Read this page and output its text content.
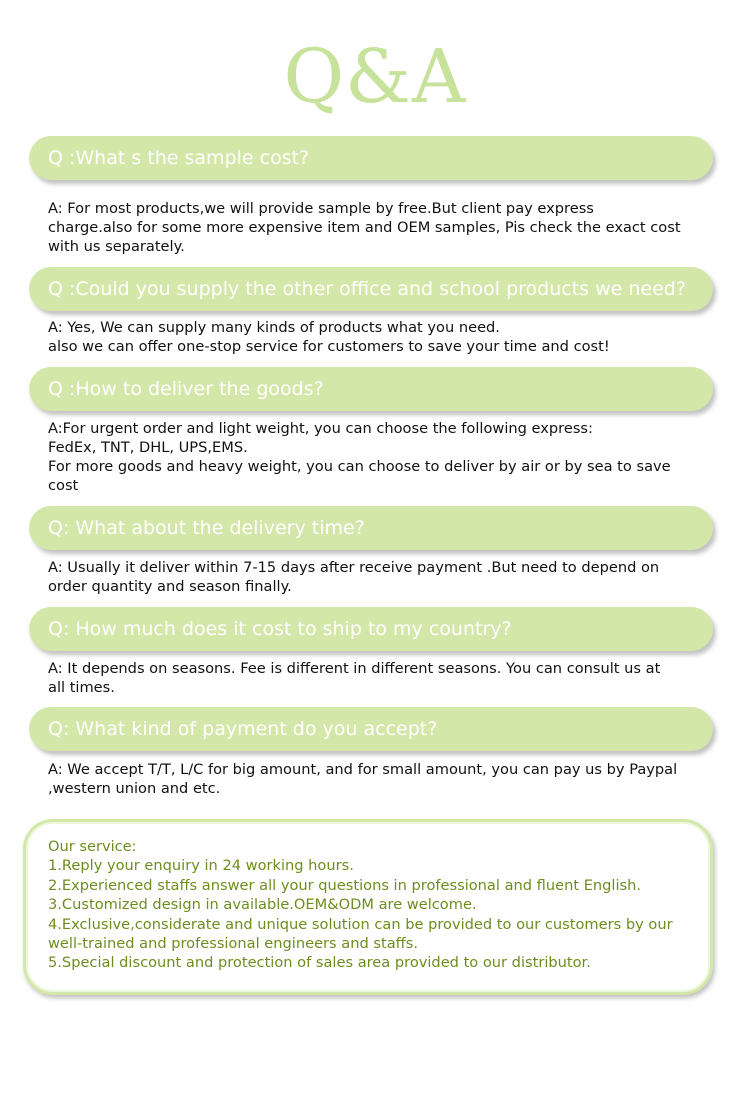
Q&A
Q :What s the sample cost?
A: For most products,we will provide sample by free.But client pay express
charge.also for some more expensive item and OEM samples, Pis check the exact cost
with us separately.
Q :Could you supply the other office and school products we need?
A: Yes, We can supply many kinds of products what you need.
also we can offer one-stop service for customers to save your time and cost!
Q :How to deliver the goods?
A:For urgent order and light weight, you can choose the following express:
FedEx, TNT, DHL, UPS,EMS.
For more goods and heavy weight, you can choose to deliver by air or by sea to save
cost
Q: What about the delivery time?
A: Usually it deliver within 7-15 days after receive payment .But need to depend on
order quantity and season finally.
Q: How much does it cost to ship to my country?
A: It depends on seasons. Fee is different in different seasons. You can consult us at
all times.
Q: What kind of payment do you accept?
A: We accept T/T, L/C for big amount, and for small amount, you can pay us by Paypal
,western union and etc.
Our service:
1.Reply your enquiry in 24 working hours.
2.Experienced staffs answer all your questions in professional and fluent English.
3.Customized design in available.OEM&ODM are welcome.
4.Exclusive,considerate and unique solution can be provided to our customers by our
well-trained and professional engineers and staffs.
5.Special discount and protection of sales area provided to our distributor.
